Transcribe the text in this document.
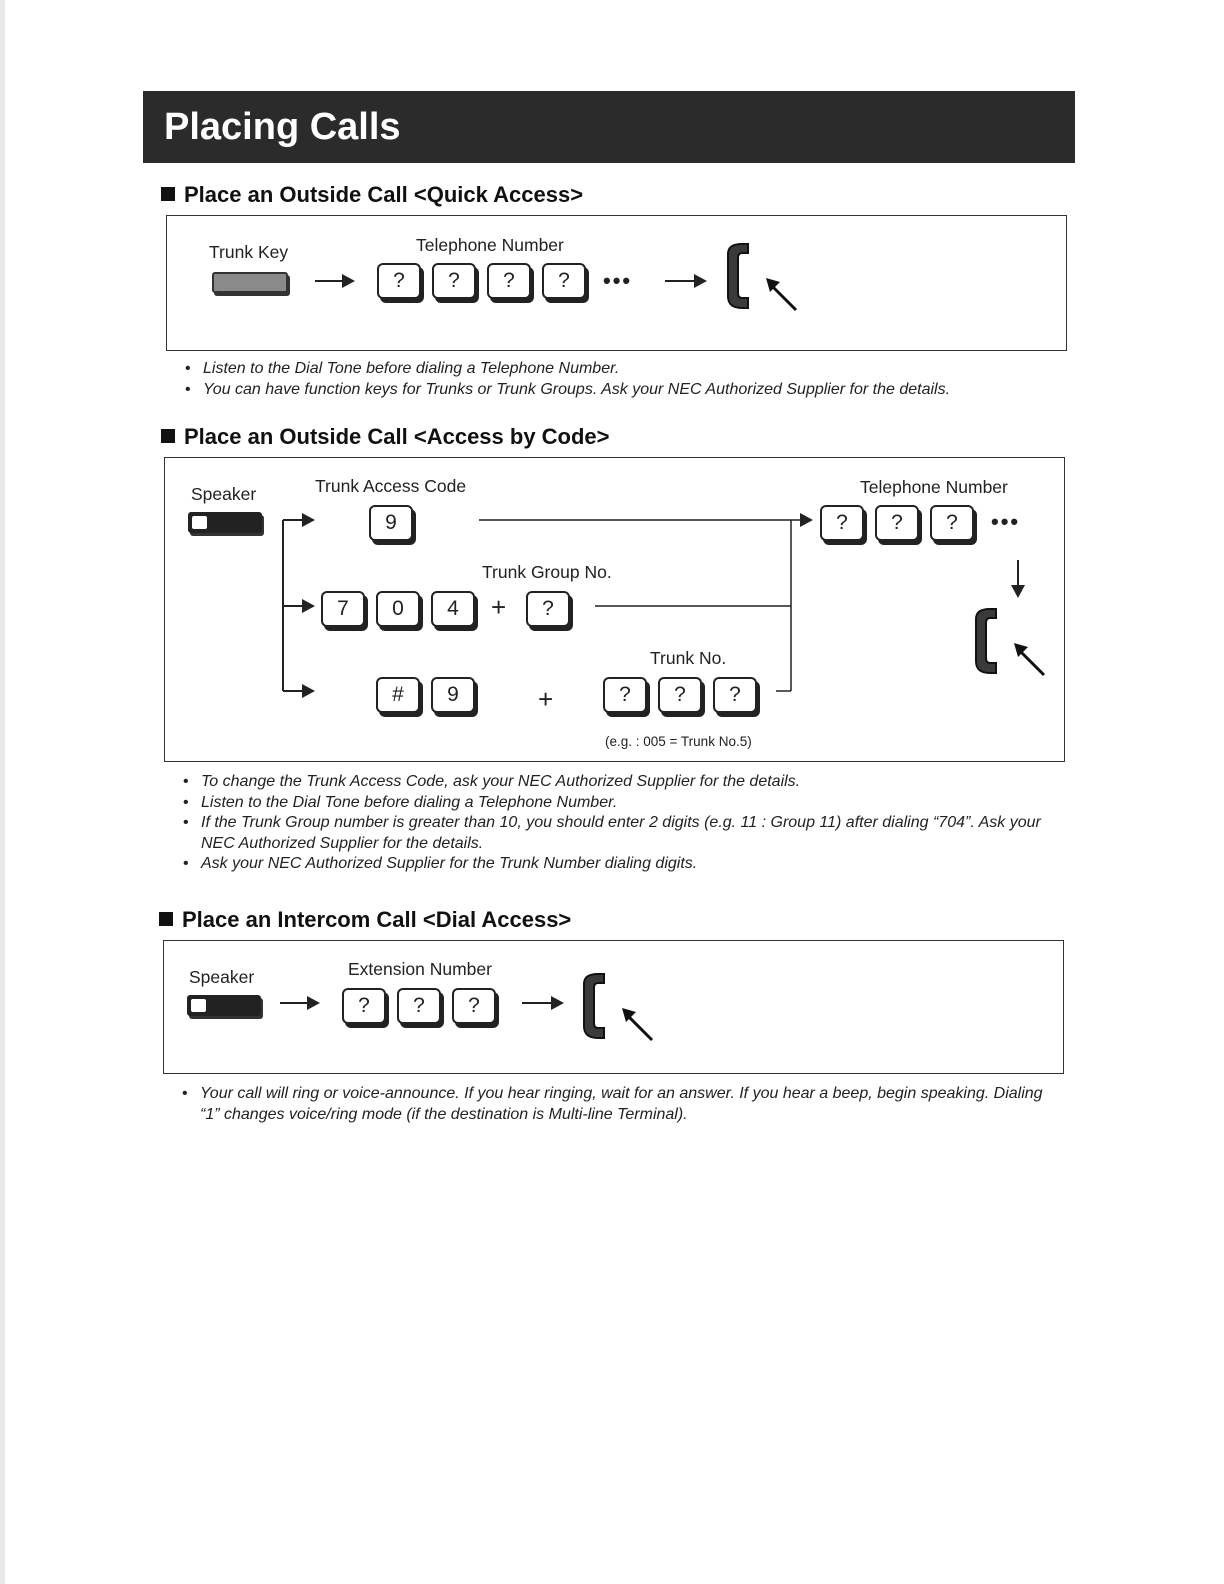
Placing Calls
Place an Outside Call <Quick Access>
Trunk Key	Telephone Number
?	?	?	?	•••
• Listen to the Dial Tone before dialing a Telephone Number.
• You can have function keys for Trunks or Trunk Groups. Ask your NEC Authorized Supplier for the details.
Place an Outside Call <Access by Code>
Speaker	Trunk Access Code	Telephone Number
9	?	?	?	•••
Trunk Group No.
7	0	4	+	?
Trunk No.
#	9	+	?	?	?
(e.g. : 005 = Trunk No.5)
• To change the Trunk Access Code, ask your NEC Authorized Supplier for the details.
• Listen to the Dial Tone before dialing a Telephone Number.
• If the Trunk Group number is greater than 10, you should enter 2 digits (e.g. 11 : Group 11) after dialing “704”. Ask your NEC Authorized Supplier for the details.
• Ask your NEC Authorized Supplier for the Trunk Number dialing digits.
Place an Intercom Call <Dial Access>
Speaker	Extension Number
?	?	?
• Your call will ring or voice-announce. If you hear ringing, wait for an answer. If you hear a beep, begin speaking. Dialing “1” changes voice/ring mode (if the destination is Multi-line Terminal).
